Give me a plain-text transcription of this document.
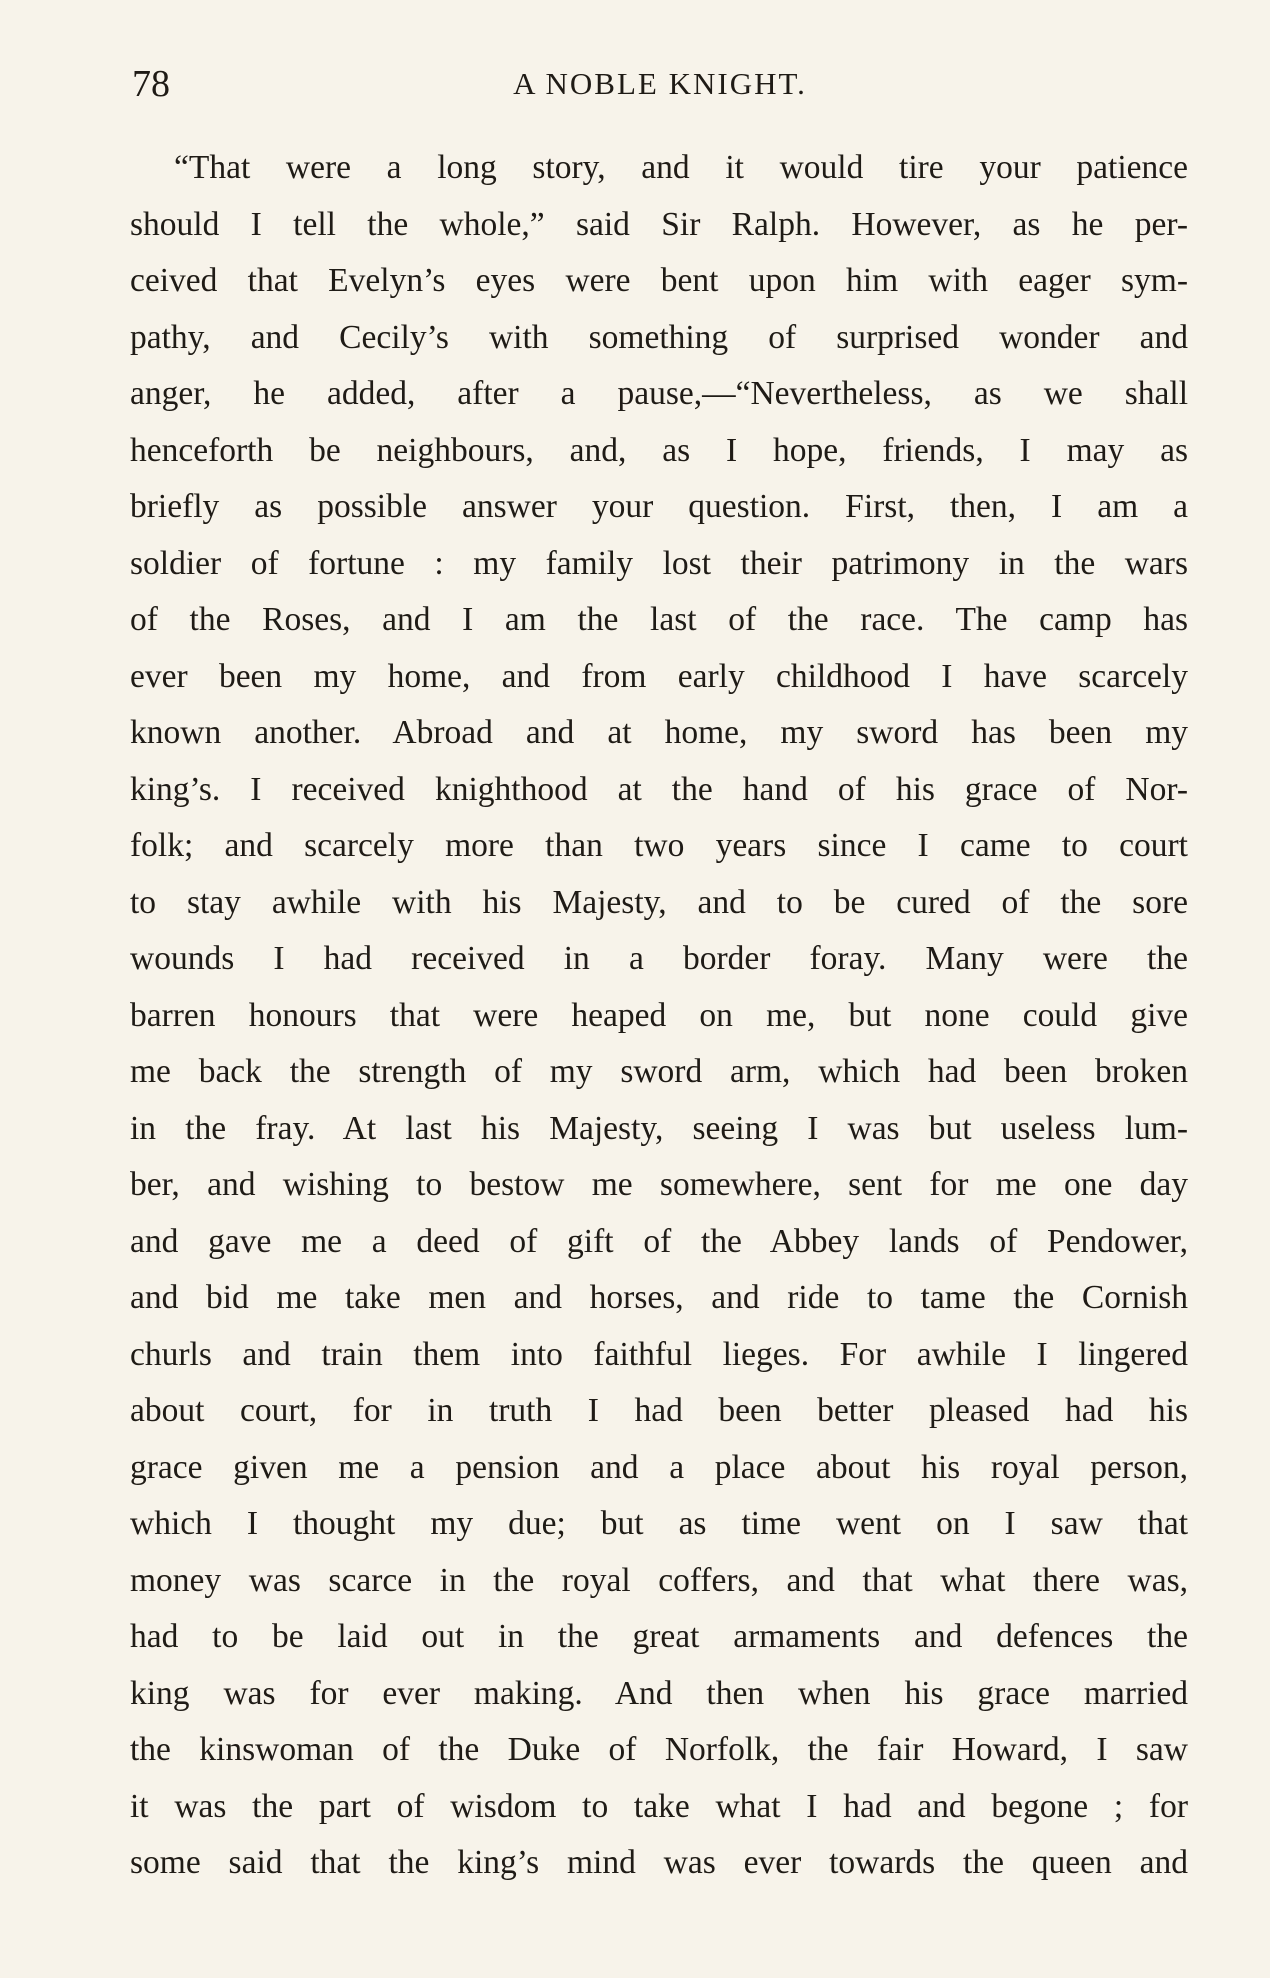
78	A NOBLE KNIGHT.
“That were a long story, and it would tire your patience
should I tell the whole,” said Sir Ralph. However, as he per-
ceived that Evelyn’s eyes were bent upon him with eager sym-
pathy, and Cecily’s with something of surprised wonder and
anger, he added, after a pause,—“Nevertheless, as we shall
henceforth be neighbours, and, as I hope, friends, I may as
briefly as possible answer your question. First, then, I am a
soldier of fortune : my family lost their patrimony in the wars
of the Roses, and I am the last of the race. The camp has
ever been my home, and from early childhood I have scarcely
known another. Abroad and at home, my sword has been my
king’s. I received knighthood at the hand of his grace of Nor-
folk; and scarcely more than two years since I came to court
to stay awhile with his Majesty, and to be cured of the sore
wounds I had received in a border foray. Many were the
barren honours that were heaped on me, but none could give
me back the strength of my sword arm, which had been broken
in the fray. At last his Majesty, seeing I was but useless lum-
ber, and wishing to bestow me somewhere, sent for me one day
and gave me a deed of gift of the Abbey lands of Pendower,
and bid me take men and horses, and ride to tame the Cornish
churls and train them into faithful lieges. For awhile I lingered
about court, for in truth I had been better pleased had his
grace given me a pension and a place about his royal person,
which I thought my due; but as time went on I saw that
money was scarce in the royal coffers, and that what there was,
had to be laid out in the great armaments and defences the
king was for ever making. And then when his grace married
the kinswoman of the Duke of Norfolk, the fair Howard, I saw
it was the part of wisdom to take what I had and begone ; for
some said that the king’s mind was ever towards the queen and
